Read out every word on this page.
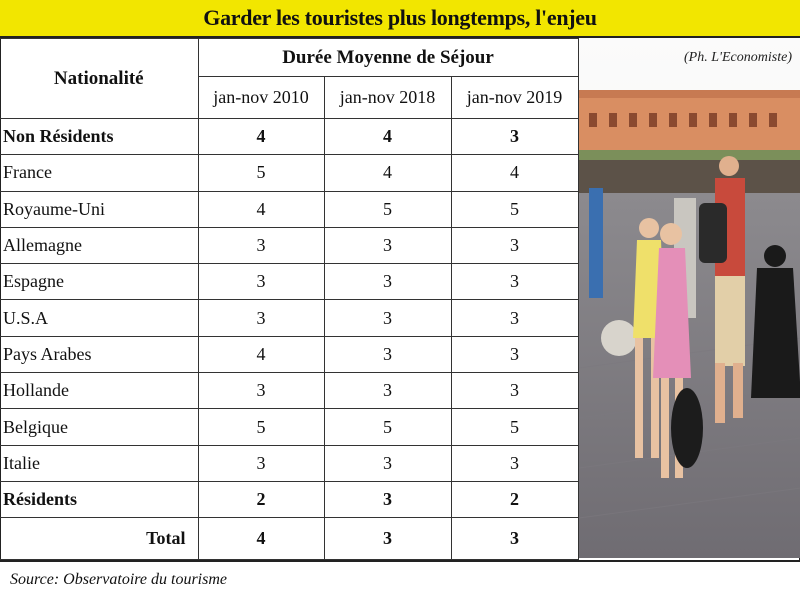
Garder les touristes plus longtemps, l'enjeu
Nationalité	Durée Moyenne de Séjour		
	jan-nov 2010	jan-nov 2018	jan-nov 2019
Non Résidents	4	4	3
France	5	4	4
Royaume-Uni	4	5	5
Allemagne	3	3	3
Espagne	3	3	3
U.S.A	3	3	3
Pays Arabes	4	3	3
Hollande	3	3	3
Belgique	5	5	5
Italie	3	3	3
Résidents	2	3	2
Total	4	3	3
(Ph. L'Economiste)
Source: Observatoire du tourisme
